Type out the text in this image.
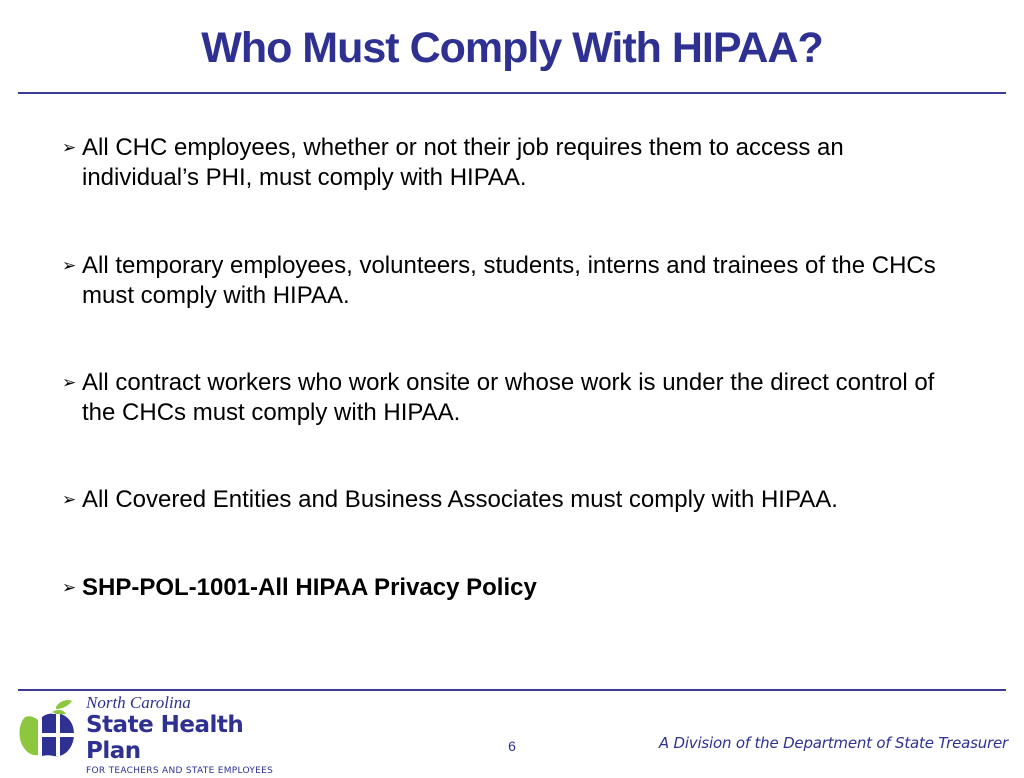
Who Must Comply With HIPAA?
➢ All CHC employees, whether or not their job requires them to access an individual’s PHI, must comply with HIPAA.
➢ All temporary employees, volunteers, students, interns and trainees of the CHCs must comply with HIPAA.
➢ All contract workers who work onsite or whose work is under the direct control of the CHCs must comply with HIPAA.
➢ All Covered Entities and Business Associates must comply with HIPAA.
➢ SHP-POL-1001-All HIPAA Privacy Policy
North Carolina
State Health Plan
FOR TEACHERS AND STATE EMPLOYEES
6	A Division of the Department of State Treasurer
